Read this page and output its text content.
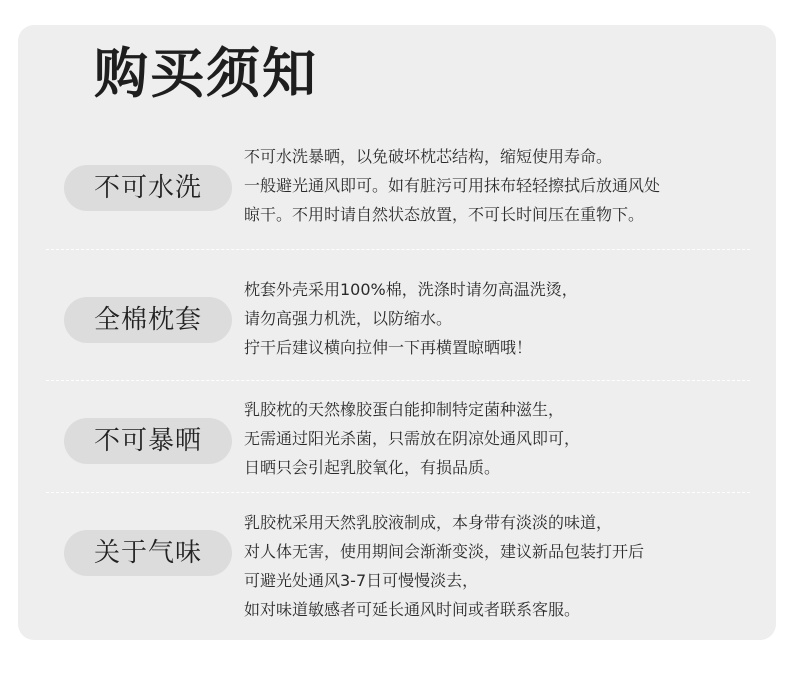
购买须知
不可水洗
不可水洗暴晒，以免破坏枕芯结构，缩短使用寿命。
一般避光通风即可。如有脏污可用抹布轻轻擦拭后放通风处
晾干。不用时请自然状态放置，不可长时间压在重物下。
全棉枕套
枕套外壳采用100%棉，洗涤时请勿高温洗烫，
请勿高强力机洗，以防缩水。
拧干后建议横向拉伸一下再横置晾晒哦！
不可暴晒
乳胶枕的天然橡胶蛋白能抑制特定菌种滋生，
无需通过阳光杀菌，只需放在阴凉处通风即可，
日晒只会引起乳胶氧化，有损品质。
关于气味
乳胶枕采用天然乳胶液制成，本身带有淡淡的味道，
对人体无害，使用期间会渐渐变淡，建议新品包装打开后
可避光处通风3-7日可慢慢淡去，
如对味道敏感者可延长通风时间或者联系客服。
